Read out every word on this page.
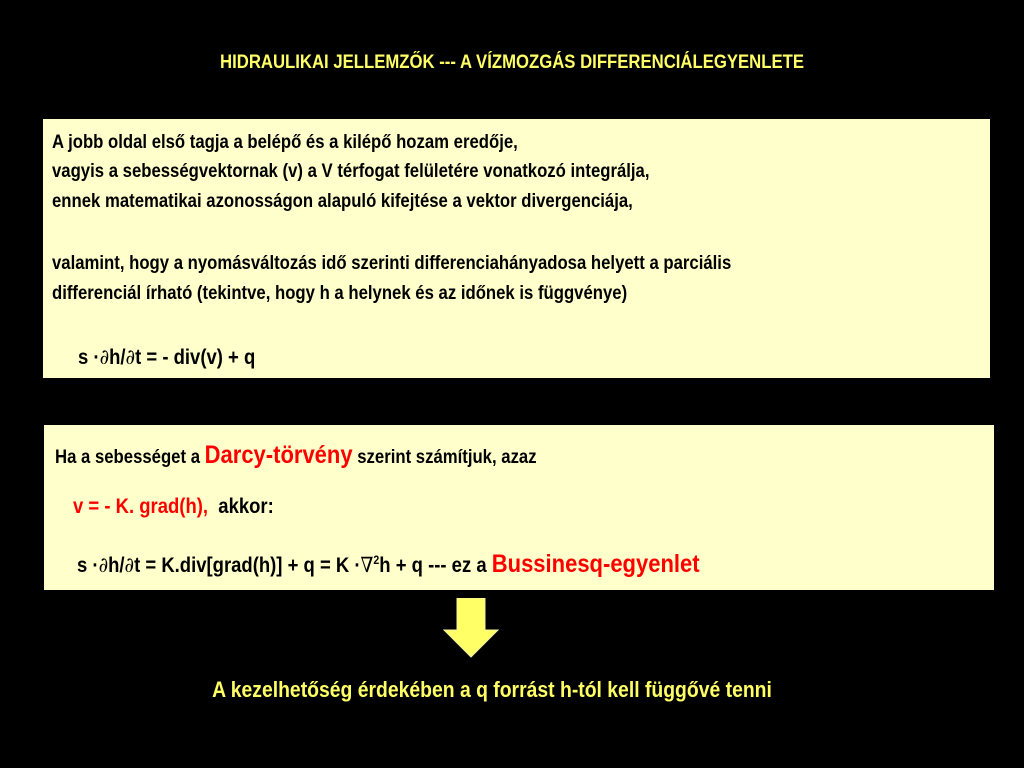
HIDRAULIKAI JELLEMZŐK --- A VÍZMOZGÁS DIFFERENCIÁLEGYENLETE
A jobb oldal első tagja a belépő és a kilépő hozam eredője,
vagyis a sebességvektornak (v) a V térfogat felületére vonatkozó integrálja,
ennek matematikai azonosságon alapuló kifejtése a vektor divergenciája,
valamint, hogy a nyomásváltozás idő szerinti differenciahányadosa helyett a parciális
differenciál írható (tekintve, hogy h a helynek és az időnek is függvénye)
s ·∂h/∂t = - div(v) + q
Ha a sebességet a Darcy-törvény szerint számítjuk, azaz
v = - K. grad(h), akkor:
s ·∂h/∂t = K.div[grad(h)] + q = K ·∇$^2$h + q --- ez a Bussinesq-egyenlet
A kezelhetőség érdekében a q forrást h-tól kell függővé tenni
